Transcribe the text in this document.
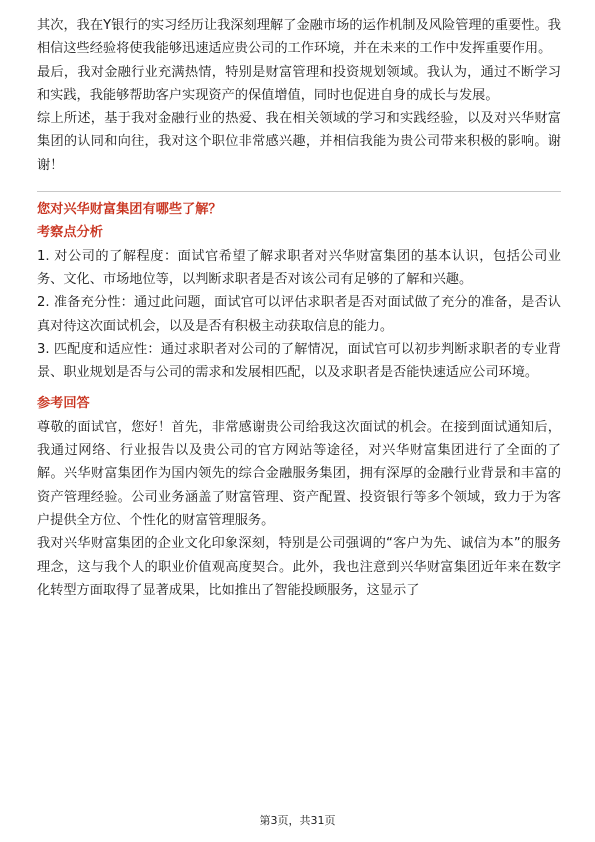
其次，我在Y银行的实习经历让我深刻理解了金融市场的运作机制及风险管理的重要性。我相信这些经验将使我能够迅速适应贵公司的工作环境，并在未来的工作中发挥重要作用。

最后，我对金融行业充满热情，特别是财富管理和投资规划领域。我认为，通过不断学习和实践，我能够帮助客户实现资产的保值增值，同时也促进自身的成长与发展。

综上所述，基于我对金融行业的热爱、我在相关领域的学习和实践经验，以及对兴华财富集团的认同和向往，我对这个职位非常感兴趣，并相信我能为贵公司带来积极的影响。谢谢！

您对兴华财富集团有哪些了解？

考察点分析

1. 对公司的了解程度：面试官希望了解求职者对兴华财富集团的基本认识，包括公司业务、文化、市场地位等，以判断求职者是否对该公司有足够的了解和兴趣。

2. 准备充分性：通过此问题，面试官可以评估求职者是否对面试做了充分的准备，是否认真对待这次面试机会，以及是否有积极主动获取信息的能力。

3. 匹配度和适应性：通过求职者对公司的了解情况，面试官可以初步判断求职者的专业背景、职业规划是否与公司的需求和发展相匹配，以及求职者是否能快速适应公司环境。

参考回答

尊敬的面试官，您好！首先，非常感谢贵公司给我这次面试的机会。在接到面试通知后，我通过网络、行业报告以及贵公司的官方网站等途径，对兴华财富集团进行了全面的了解。兴华财富集团作为国内领先的综合金融服务集团，拥有深厚的金融行业背景和丰富的资产管理经验。公司业务涵盖了财富管理、资产配置、投资银行等多个领域，致力于为客户提供全方位、个性化的财富管理服务。

我对兴华财富集团的企业文化印象深刻，特别是公司强调的“客户为先、诚信为本”的服务理念，这与我个人的职业价值观高度契合。此外，我也注意到兴华财富集团近年来在数字化转型方面取得了显著成果，比如推出了智能投顾服务，这显示了

第3页，共31页
